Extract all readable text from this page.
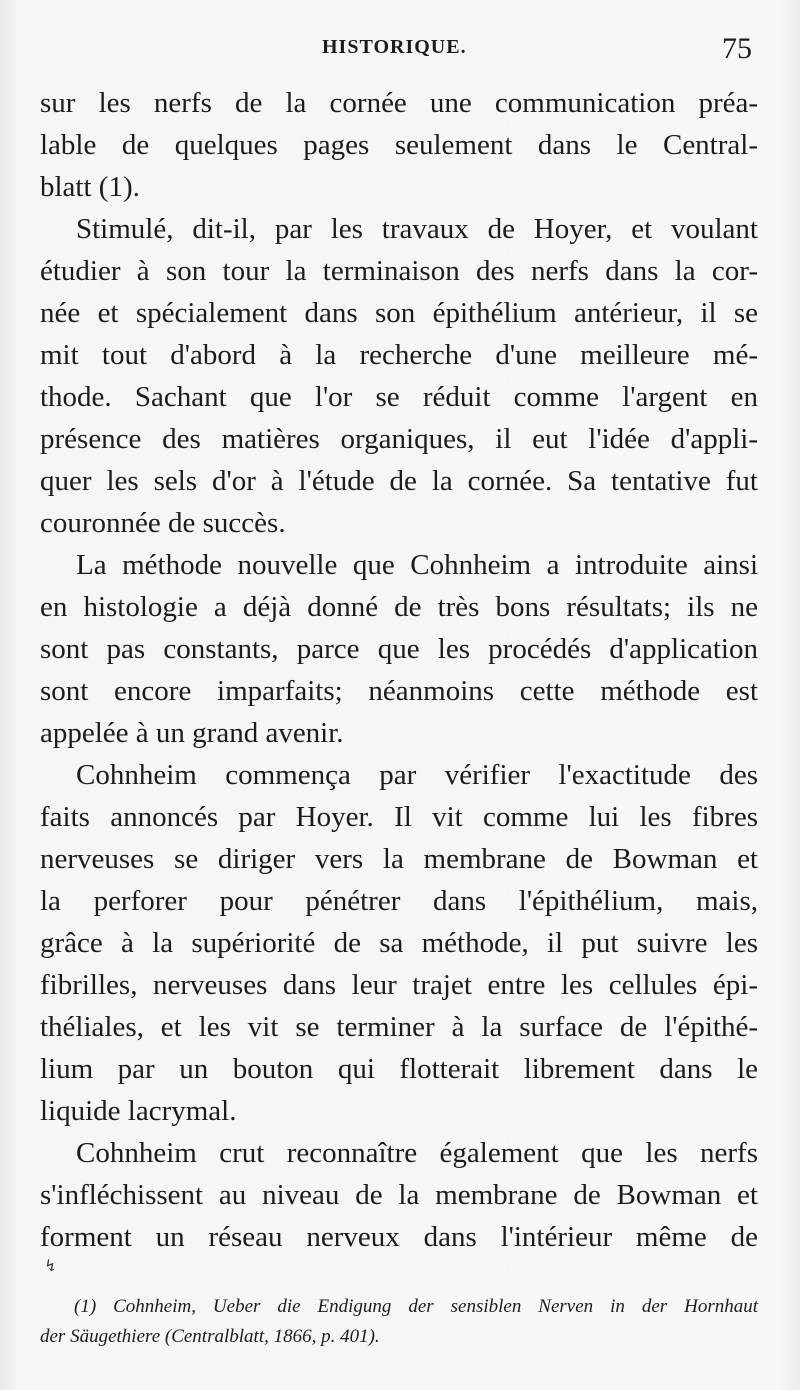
HISTORIQUE.	75
sur les nerfs de la cornée une communication préa-
lable de quelques pages seulement dans le Central-
blatt (1).
Stimulé, dit-il, par les travaux de Hoyer, et voulant
étudier à son tour la terminaison des nerfs dans la cor-
née et spécialement dans son épithélium antérieur, il se
mit tout d'abord à la recherche d'une meilleure mé-
thode. Sachant que l'or se réduit comme l'argent en
présence des matières organiques, il eut l'idée d'appli-
quer les sels d'or à l'étude de la cornée. Sa tentative fut
couronnée de succès.
La méthode nouvelle que Cohnheim a introduite ainsi
en histologie a déjà donné de très bons résultats; ils ne
sont pas constants, parce que les procédés d'application
sont encore imparfaits; néanmoins cette méthode est
appelée à un grand avenir.
Cohnheim commença par vérifier l'exactitude des
faits annoncés par Hoyer. Il vit comme lui les fibres
nerveuses se diriger vers la membrane de Bowman et
la perforer pour pénétrer dans l'épithélium, mais,
grâce à la supériorité de sa méthode, il put suivre les
fibrilles, nerveuses dans leur trajet entre les cellules épi-
théliales, et les vit se terminer à la surface de l'épithé-
lium par un bouton qui flotterait librement dans le
liquide lacrymal.
Cohnheim crut reconnaître également que les nerfs
s'infléchissent au niveau de la membrane de Bowman et
forment un réseau nerveux dans l'intérieur même de
↯
(1) Cohnheim, Ueber die Endigung der sensiblen Nerven in der Hornhaut
der Säugethiere (Centralblatt, 1866, p. 401).
